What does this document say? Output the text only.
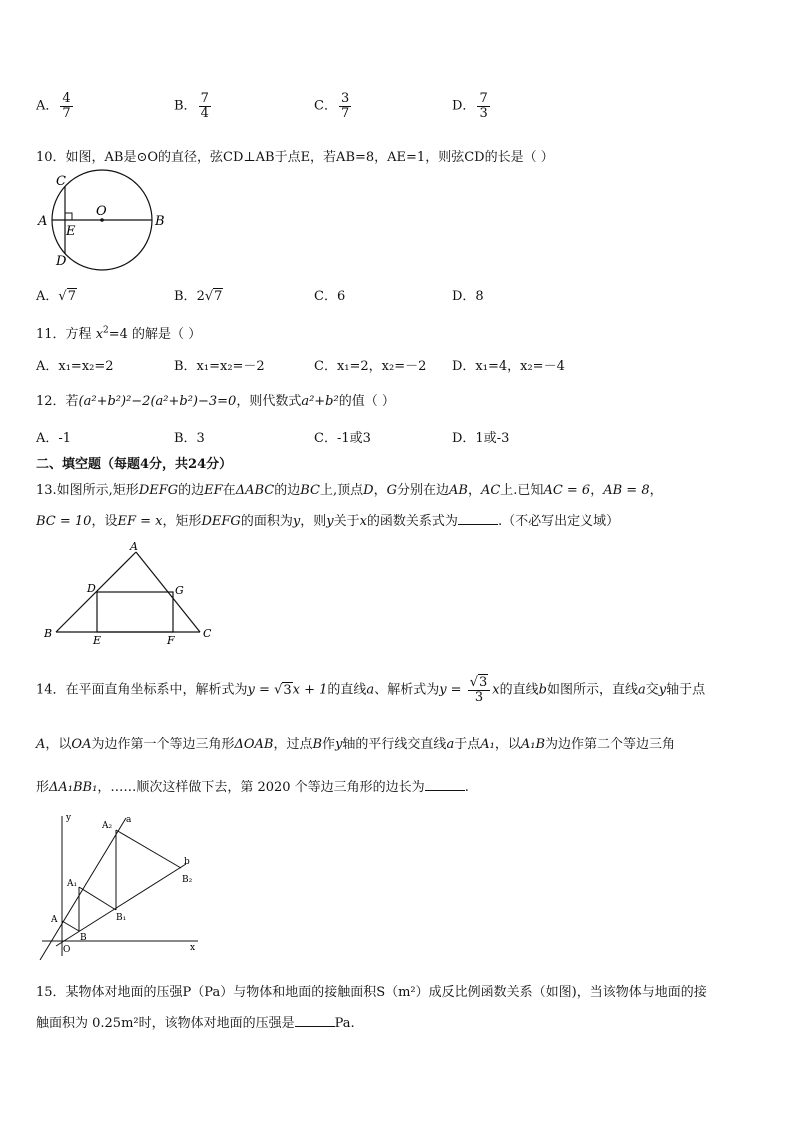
A． $\frac{4}{7}$	B． $\frac{7}{4}$	C． $\frac{3}{7}$	D． $\frac{7}{3}$
10．如图，AB是⊙O的直径，弦CD⊥AB于点E，若AB=8，AE=1，则弦CD的长是（ ）
C
A
O
B
E
D
A．√7	B．2√7	C．6	D．8
11．方程 $x^2=4$ 的解是（ ）
A．x₁=x₂=2	B．x₁=x₂=－2	C．x₁=2，x₂=－2 D．x₁=4，x₂=－4
12．若(a²+b²)²−2(a²+b²)−3=0，则代数式a²+b²的值（ ）
A．-1	B．3	C．-1或3	D．1或-3
二、填空题（每题4分，共24分）
13.如图所示,矩形DEFG的边EF在ΔABC的边BC上,顶点D，G分别在边AB，AC上.已知AC = 6，AB = 8，
BC = 10，设EF = x，矩形DEFG的面积为y，则y关于x的函数关系式为	.（不必写出定义域）
A
D	G
B
E	F
C
14．在平面直角坐标系中，解析式为y = √3x + 1的直线a、解析式为$y = \frac{√3}{3}$ x的直线b如图所示，直线a交y轴于点
A，以OA为边作第一个等边三角形ΔOAB，过点B作y轴的平行线交直线a于点A₁，以A₁B为边作第二个等边三角
形ΔA₁BB₁，……顺次这样做下去，第 2020 个等边三角形的边长为	.
y
x
O
A
B
A₁
B₁
A₂
B₂
a
b
15．某物体对地面的压强P（Pa）与物体和地面的接触面积S（m²）成反比例函数关系（如图)，当该物体与地面的接
触面积为 0.25m²时，该物体对地面的压强是	Pa.
